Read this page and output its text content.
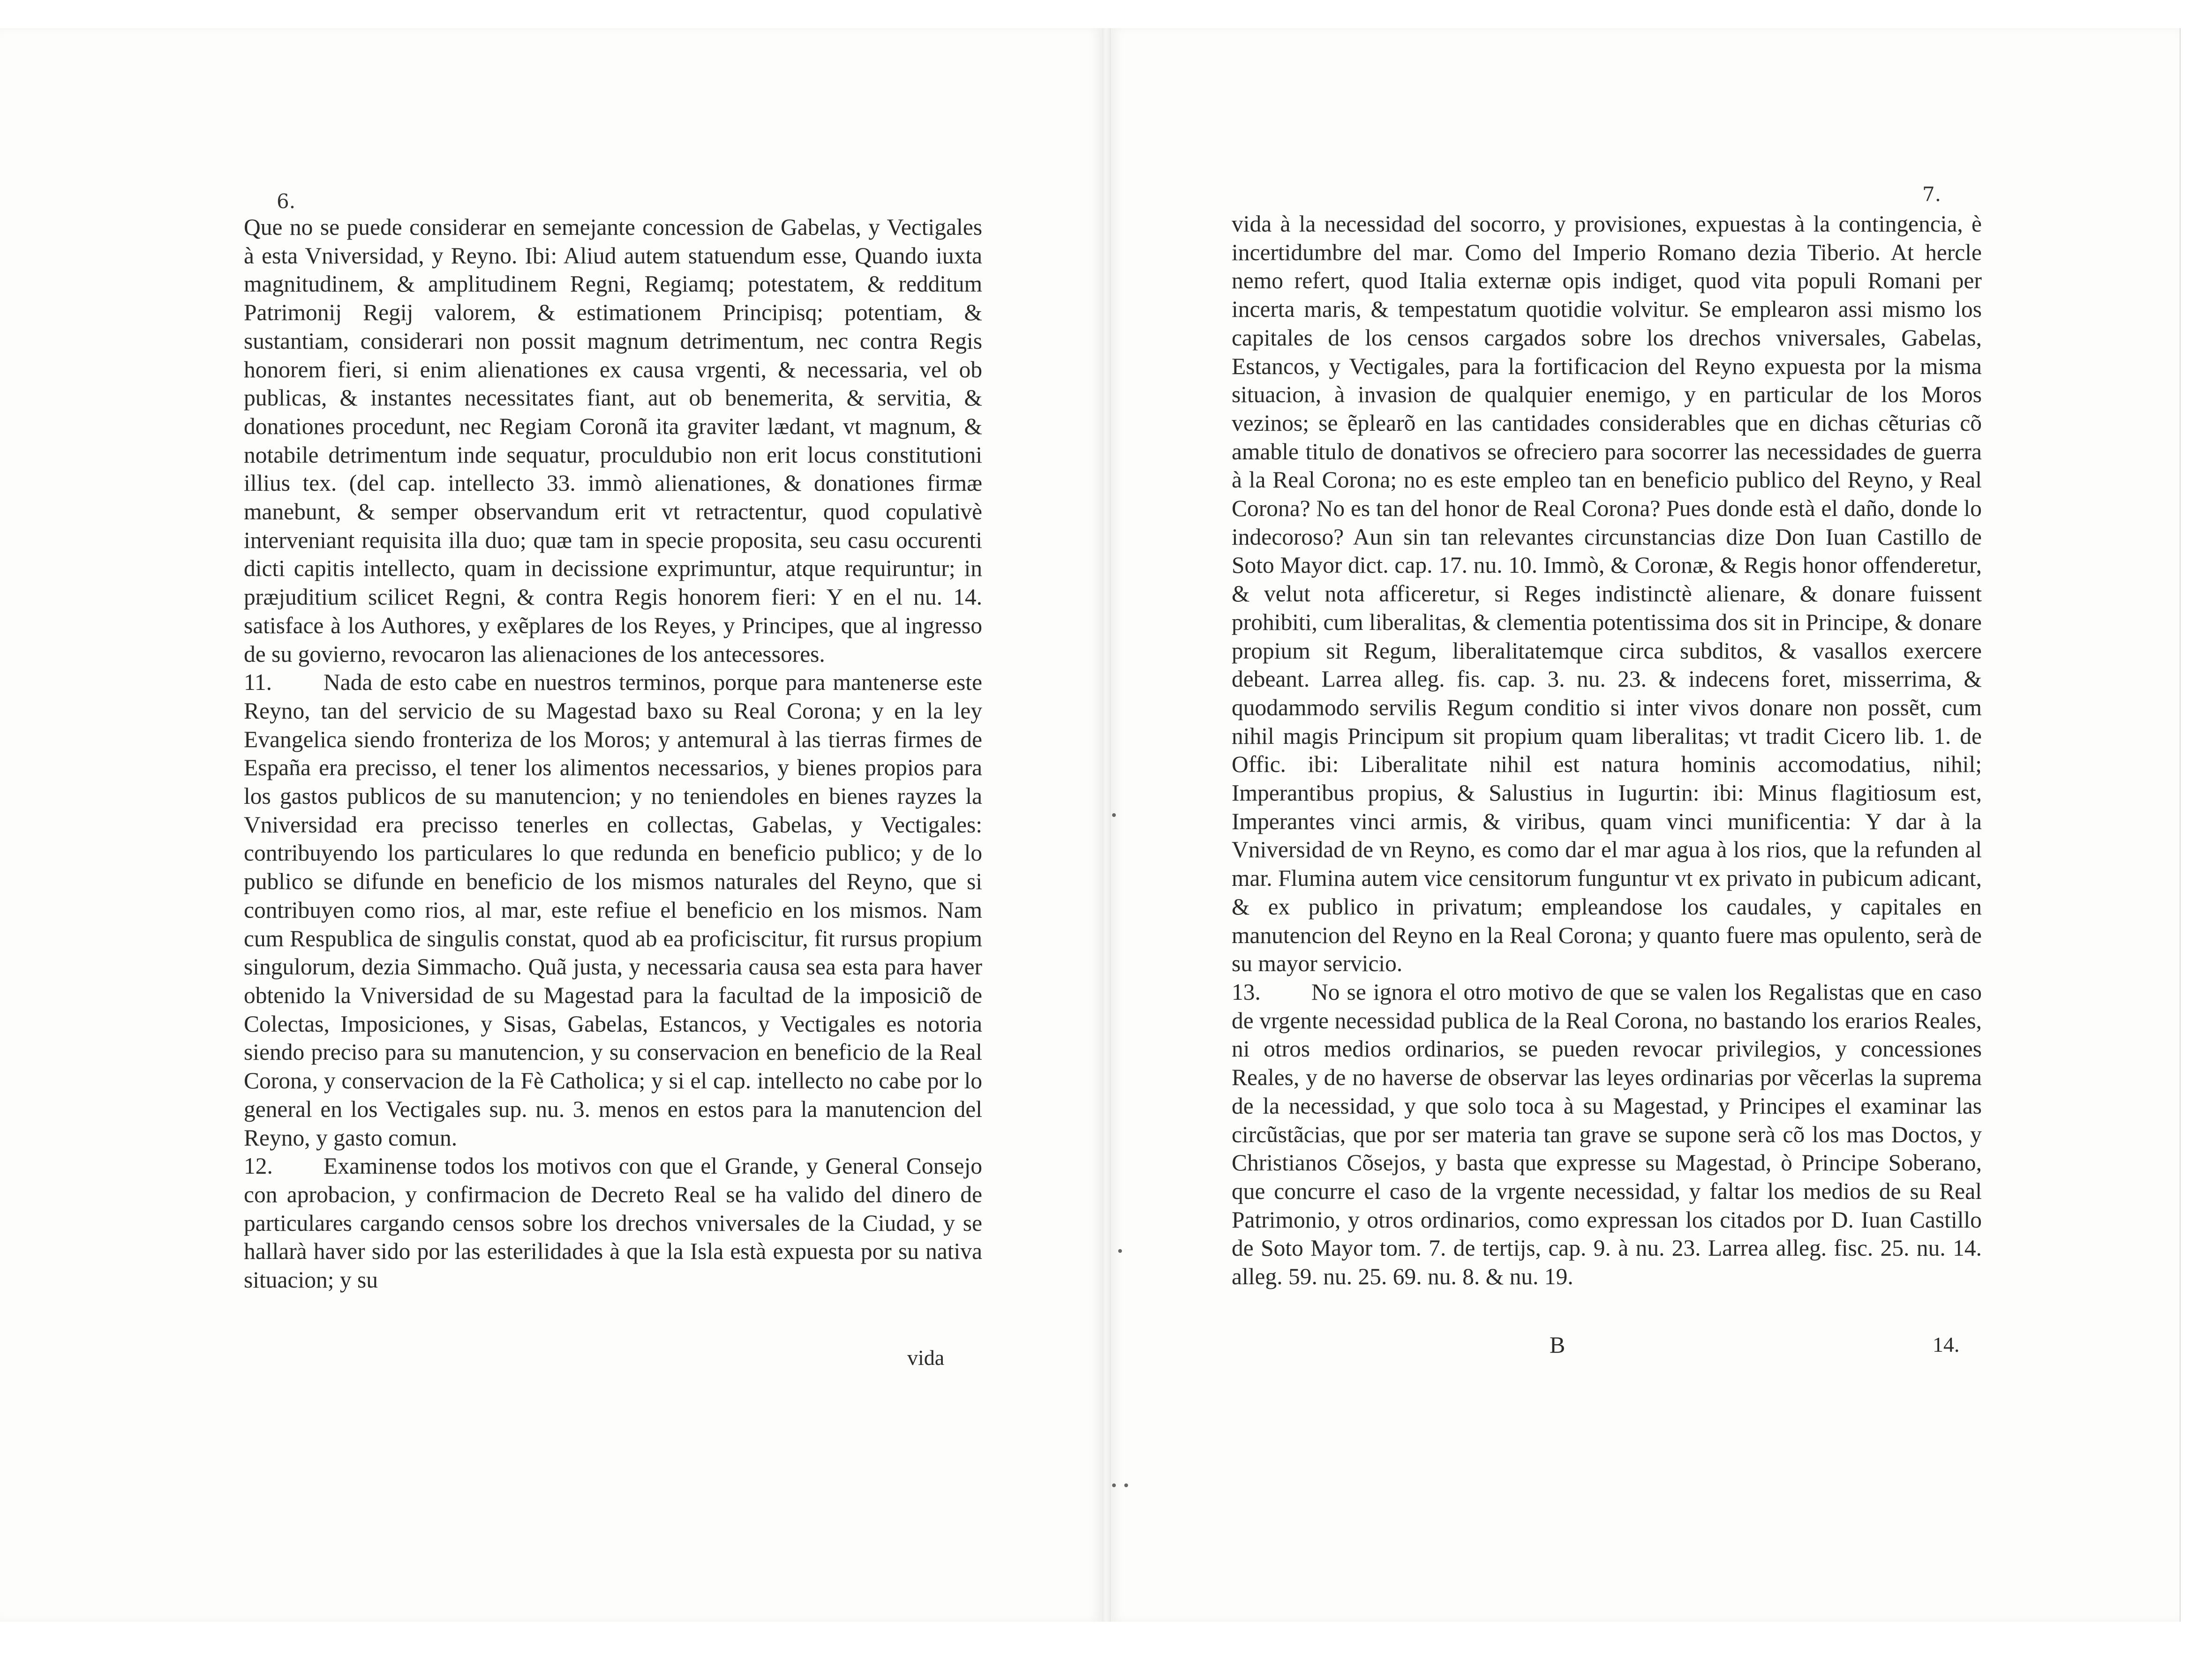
6.

Que no se puede considerar en semejante concession de Gabelas, y Vectigales à esta Vniversidad, y Reyno. Ibi: Aliud autem statuendum esse, Quando iuxta magnitudinem, & amplitudinem Regni, Regiamq; potestatem, & redditum Patrimonij Regij valorem, & estimationem Principisq; potentiam, & sustantiam, considerari non possit magnum detrimentum, nec contra Regis honorem fieri, si enim alienationes ex causa vrgenti, & necessaria, vel ob publicas, & instantes necessitates fiant, aut ob benemerita, & servitia, & donationes procedunt, nec Regiam Coronã ita graviter lædant, vt magnum, & notabile detrimentum inde sequatur, proculdubio non erit locus constitutioni illius tex. (del cap. intellecto 33. immò alienationes, & donationes firmæ manebunt, & semper observandum erit vt retractentur, quod copulativè interveniant requisita illa duo; quæ tam in specie proposita, seu casu occurenti dicti capitis intellecto, quam in decissione exprimuntur, atque requiruntur; in præjuditium scilicet Regni, & contra Regis honorem fieri: Y en el nu. 14. satisface à los Authores, y exẽplares de los Reyes, y Principes, que al ingresso de su govierno, revocaron las alienaciones de los antecessores.

11. Nada de esto cabe en nuestros terminos, porque para mantenerse este Reyno, tan del servicio de su Magestad baxo su Real Corona; y en la ley Evangelica siendo fronteriza de los Moros; y antemural à las tierras firmes de España era precisso, el tener los alimentos necessarios, y bienes propios para los gastos publicos de su manutencion; y no teniendoles en bienes rayzes la Vniversidad era precisso tenerles en collectas, Gabelas, y Vectigales: contribuyendo los particulares lo que redunda en beneficio publico; y de lo publico se difunde en beneficio de los mismos naturales del Reyno, que si contribuyen como rios, al mar, este refiue el beneficio en los mismos. Nam cum Respublica de singulis constat, quod ab ea proficiscitur, fit rursus propium singulorum, dezia Simmacho. Quã justa, y necessaria causa sea esta para haver obtenido la Vniversidad de su Magestad para la facultad de la imposiciõ de Colectas, Imposiciones, y Sisas, Gabelas, Estancos, y Vectigales es notoria siendo preciso para su manutencion, y su conservacion en beneficio de la Real Corona, y conservacion de la Fè Catholica; y si el cap. intellecto no cabe por lo general en los Vectigales sup. nu. 3. menos en estos para la manutencion del Reyno, y gasto comun.

12. Examinense todos los motivos con que el Grande, y General Consejo con aprobacion, y confirmacion de Decreto Real se ha valido del dinero de particulares cargando censos sobre los drechos vniversales de la Ciudad, y se hallarà haver sido por las esterilidades à que la Isla està expuesta por su nativa situacion; y su

vida
7.

vida à la necessidad del socorro, y provisiones, expuestas à la contingencia, è incertidumbre del mar. Como del Imperio Romano dezia Tiberio. At hercle nemo refert, quod Italia externæ opis indiget, quod vita populi Romani per incerta maris, & tempestatum quotidie volvitur. Se emplearon assi mismo los capitales de los censos cargados sobre los drechos vniversales, Gabelas, Estancos, y Vectigales, para la fortificacion del Reyno expuesta por la misma situacion, à invasion de qualquier enemigo, y en particular de los Moros vezinos; se ẽplearõ en las cantidades considerables que en dichas cẽturias cõ amable titulo de donativos se ofreciero para socorrer las necessidades de guerra à la Real Corona; no es este empleo tan en beneficio publico del Reyno, y Real Corona? No es tan del honor de Real Corona? Pues donde està el daño, donde lo indecoroso? Aun sin tan relevantes circunstancias dize Don Iuan Castillo de Soto Mayor dict. cap. 17. nu. 10. Immò, & Coronæ, & Regis honor offenderetur, & velut nota afficeretur, si Reges indistinctè alienare, & donare fuissent prohibiti, cum liberalitas, & clementia potentissima dos sit in Principe, & donare propium sit Regum, liberalitatemque circa subditos, & vasallos exercere debeant. Larrea alleg. fis. cap. 3. nu. 23. & indecens foret, misserrima, & quodammodo servilis Regum conditio si inter vivos donare non possẽt, cum nihil magis Principum sit propium quam liberalitas; vt tradit Cicero lib. 1. de Offic. ibi: Liberalitate nihil est natura hominis accomodatius, nihil; Imperantibus propius, & Salustius in Iugurtin: ibi: Minus flagitiosum est, Imperantes vinci armis, & viribus, quam vinci munificentia: Y dar à la Vniversidad de vn Reyno, es como dar el mar agua à los rios, que la refunden al mar. Flumina autem vice censitorum funguntur vt ex privato in pubicum adicant, & ex publico in privatum; empleandose los caudales, y capitales en manutencion del Reyno en la Real Corona; y quanto fuere mas opulento, serà de su mayor servicio.

13. No se ignora el otro motivo de que se valen los Regalistas que en caso de vrgente necessidad publica de la Real Corona, no bastando los erarios Reales, ni otros medios ordinarios, se pueden revocar privilegios, y concessiones Reales, y de no haverse de observar las leyes ordinarias por vẽcerlas la suprema de la necessidad, y que solo toca à su Magestad, y Principes el examinar las circũstãcias, que por ser materia tan grave se supone serà cõ los mas Doctos, y Christianos Cõsejos, y basta que expresse su Magestad, ò Principe Soberano, que concurre el caso de la vrgente necessidad, y faltar los medios de su Real Patrimonio, y otros ordinarios, como expressan los citados por D. Iuan Castillo de Soto Mayor tom. 7. de tertijs, cap. 9. à nu. 23. Larrea alleg. fisc. 25. nu. 14. alleg. 59. nu. 25. 69. nu. 8. & nu. 19.

B	14.
